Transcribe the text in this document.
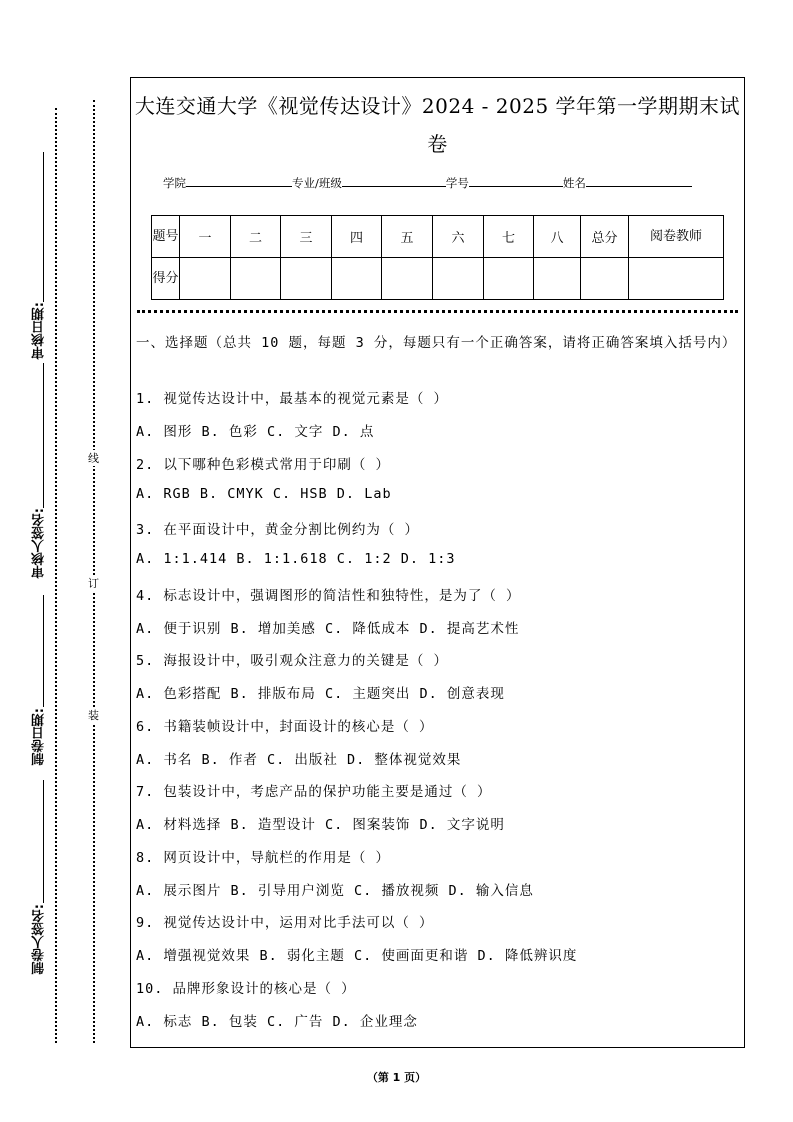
审核日期:
审核人签名:
制卷日期:
制卷人签名:
线
订
装
大连交通大学《视觉传达设计》2024 - 2025 学年第一学期期末试
卷
学院	专业/班级	学号	姓名
题号	一	二	三	四	五	六	七	八	总分	阅卷教师
得分										
一、选择题（总共 10 题，每题 3 分，每题只有一个正确答案，请将正确答案填入括号内）
1. 视觉传达设计中，最基本的视觉元素是（ ）
A. 图形 B. 色彩 C. 文字 D. 点
2. 以下哪种色彩模式常用于印刷（ ）
A. RGB B. CMYK C. HSB D. Lab
3. 在平面设计中，黄金分割比例约为（ ）
A. 1:1.414 B. 1:1.618 C. 1:2 D. 1:3
4. 标志设计中，强调图形的简洁性和独特性，是为了（ ）
A. 便于识别 B. 增加美感 C. 降低成本 D. 提高艺术性
5. 海报设计中，吸引观众注意力的关键是（ ）
A. 色彩搭配 B. 排版布局 C. 主题突出 D. 创意表现
6. 书籍装帧设计中，封面设计的核心是（ ）
A. 书名 B. 作者 C. 出版社 D. 整体视觉效果
7. 包装设计中，考虑产品的保护功能主要是通过（ ）
A. 材料选择 B. 造型设计 C. 图案装饰 D. 文字说明
8. 网页设计中，导航栏的作用是（ ）
A. 展示图片 B. 引导用户浏览 C. 播放视频 D. 输入信息
9. 视觉传达设计中，运用对比手法可以（ ）
A. 增强视觉效果 B. 弱化主题 C. 使画面更和谐 D. 降低辨识度
10. 品牌形象设计的核心是（ ）
A. 标志 B. 包装 C. 广告 D. 企业理念
（第 1 页）
